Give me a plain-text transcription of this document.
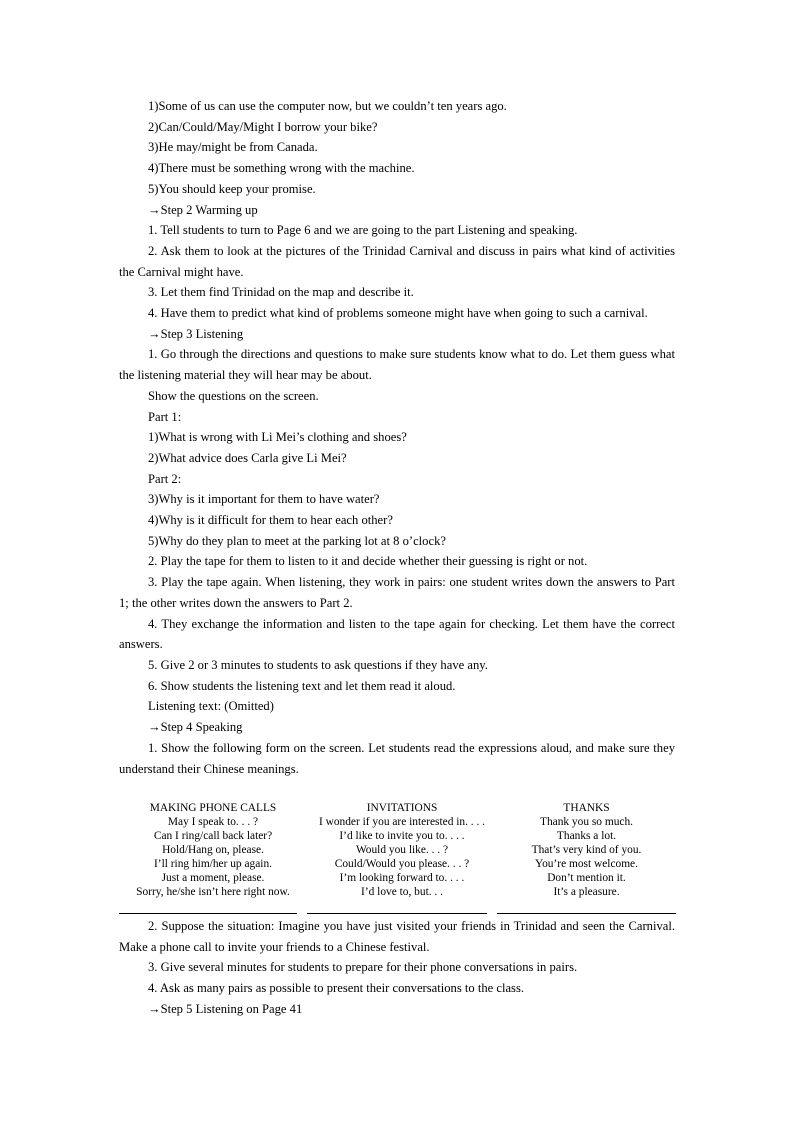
1)Some of us can use the computer now, but we couldn’t ten years ago.

2)Can/Could/May/Might I borrow your bike?

3)He may/might be from Canada.

4)There must be something wrong with the machine.

5)You should keep your promise.

→Step 2 Warming up

1. Tell students to turn to Page 6 and we are going to the part Listening and speaking.

2. Ask them to look at the pictures of the Trinidad Carnival and discuss in pairs what kind of activities the Carnival might have.

3. Let them find Trinidad on the map and describe it.

4. Have them to predict what kind of problems someone might have when going to such a carnival.

→Step 3 Listening

1. Go through the directions and questions to make sure students know what to do. Let them guess what the listening material they will hear may be about.

Show the questions on the screen.

Part 1:

1)What is wrong with Li Mei’s clothing and shoes?

2)What advice does Carla give Li Mei?

Part 2:

3)Why is it important for them to have water?

4)Why is it difficult for them to hear each other?

5)Why do they plan to meet at the parking lot at 8 o’clock?

2. Play the tape for them to listen to it and decide whether their guessing is right or not.

3. Play the tape again. When listening, they work in pairs: one student writes down the answers to Part 1; the other writes down the answers to Part 2.

4. They exchange the information and listen to the tape again for checking. Let them have the correct answers.

5. Give 2 or 3 minutes to students to ask questions if they have any.

6. Show students the listening text and let them read it aloud.

Listening text: (Omitted)

→Step 4 Speaking

1. Show the following form on the screen. Let students read the expressions aloud, and make sure they understand their Chinese meanings.

MAKING PHONE CALLS	INVITATIONS	THANKS
May I speak to. . . ?	I wonder if you are interested in. . . .	Thank you so much.
Can I ring/call back later?	I’d like to invite you to. . . .	Thanks a lot.
Hold/Hang on, please.	Would you like. . . ?	That’s very kind of you.
I’ll ring him/her up again.	Could/Would you please. . . ?	You’re most welcome.
Just a moment, please.	I’m looking forward to. . . .	Don’t mention it.
Sorry, he/she isn’t here right now.	I’d love to, but. . .	It’s a pleasure.

2. Suppose the situation: Imagine you have just visited your friends in Trinidad and seen the Carnival. Make a phone call to invite your friends to a Chinese festival.

3. Give several minutes for students to prepare for their phone conversations in pairs.

4. Ask as many pairs as possible to present their conversations to the class.

→Step 5 Listening on Page 41
